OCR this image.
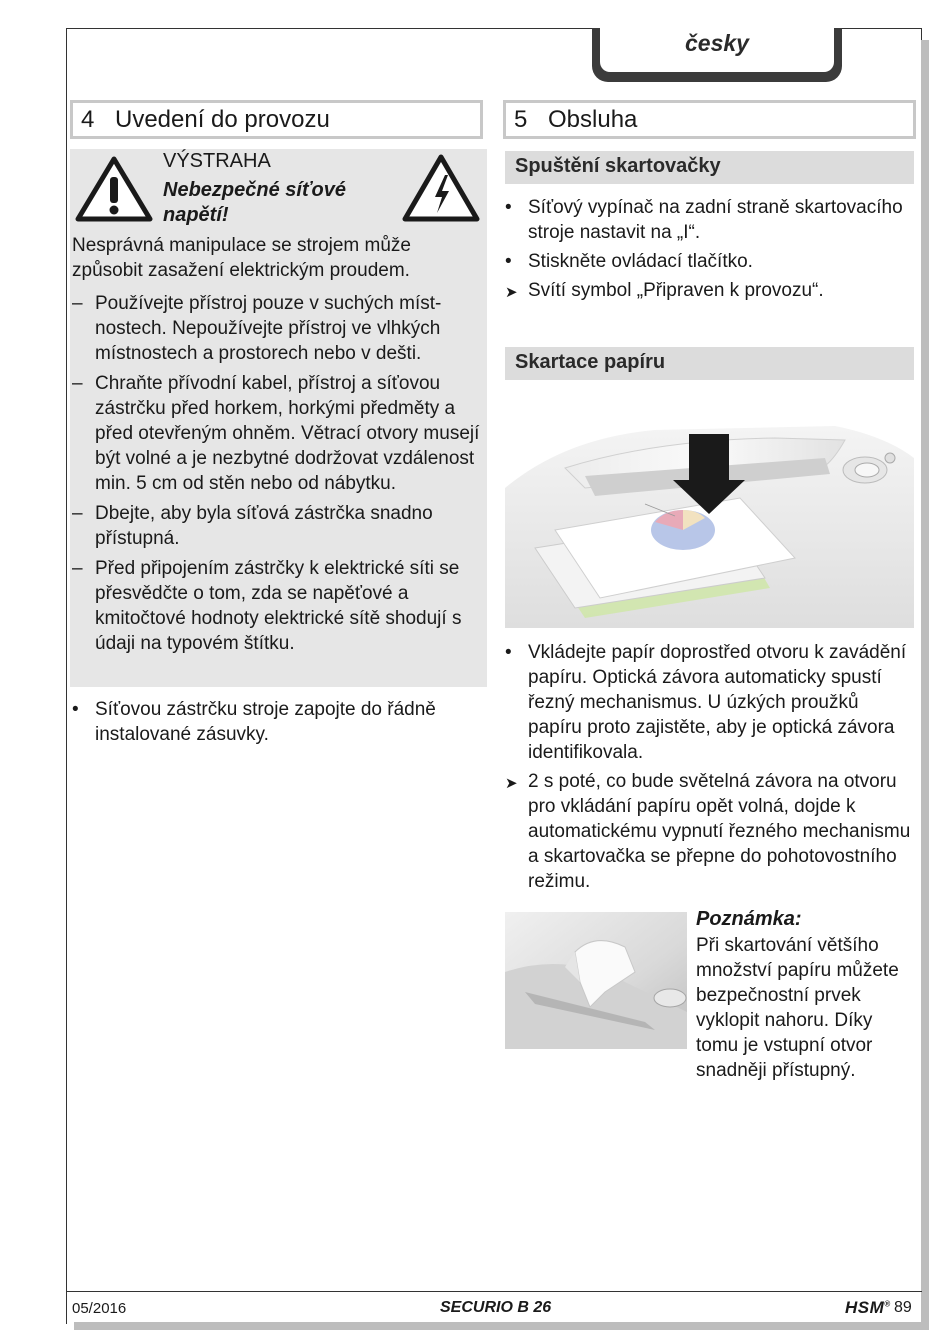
česky
4 Uvedení do provozu	5 Obsluha
VÝSTRAHA
Nebezpečné síťové napětí!
Nesprávná manipulace se strojem může způsobit zasažení elektrickým proudem.
– Používejte přístroj pouze v suchých místnostech. Nepoužívejte přístroj ve vlhkých místnostech a prostorech nebo v dešti.
– Chraňte přívodní kabel, přístroj a síťovou zástrčku před horkem, horkými předměty a před otevřeným ohněm. Větrací otvory musejí být volné a je nezbytné dodržovat vzdálenost min. 5 cm od stěn nebo od nábytku.
– Dbejte, aby byla síťová zástrčka snadno přístupná.
– Před připojením zástrčky k elektrické síti se přesvědčte o tom, zda se napěťové a kmitočtové hodnoty elektrické sítě shodují s údaji na typovém štítku.
• Síťovou zástrčku stroje zapojte do řádně instalované zásuvky.
Spuštění skartovačky
• Síťový vypínač na zadní straně skartovacího stroje nastavit na „I“.
• Stiskněte ovládací tlačítko.
➤ Svítí symbol „Připraven k provozu“.
Skartace papíru
• Vkládejte papír doprostřed otvoru k zavádění papíru. Optická závora automaticky spustí řezný mechanismus. U úzkých proužků papíru proto zajistěte, aby je optická závora identifikovala.
➤ 2 s poté, co bude světelná závora na otvoru pro vkládání papíru opět volná, dojde k automatickému vypnutí řezného mechanismu a skartovačka se přepne do pohotovostního režimu.
Poznámka:
Při skartování většího množství papíru můžete bezpečnostní prvek vyklopit nahoru. Díky tomu je vstupní otvor snadněji přístupný.
05/2016	SECURIO B 26	HSM® 89
